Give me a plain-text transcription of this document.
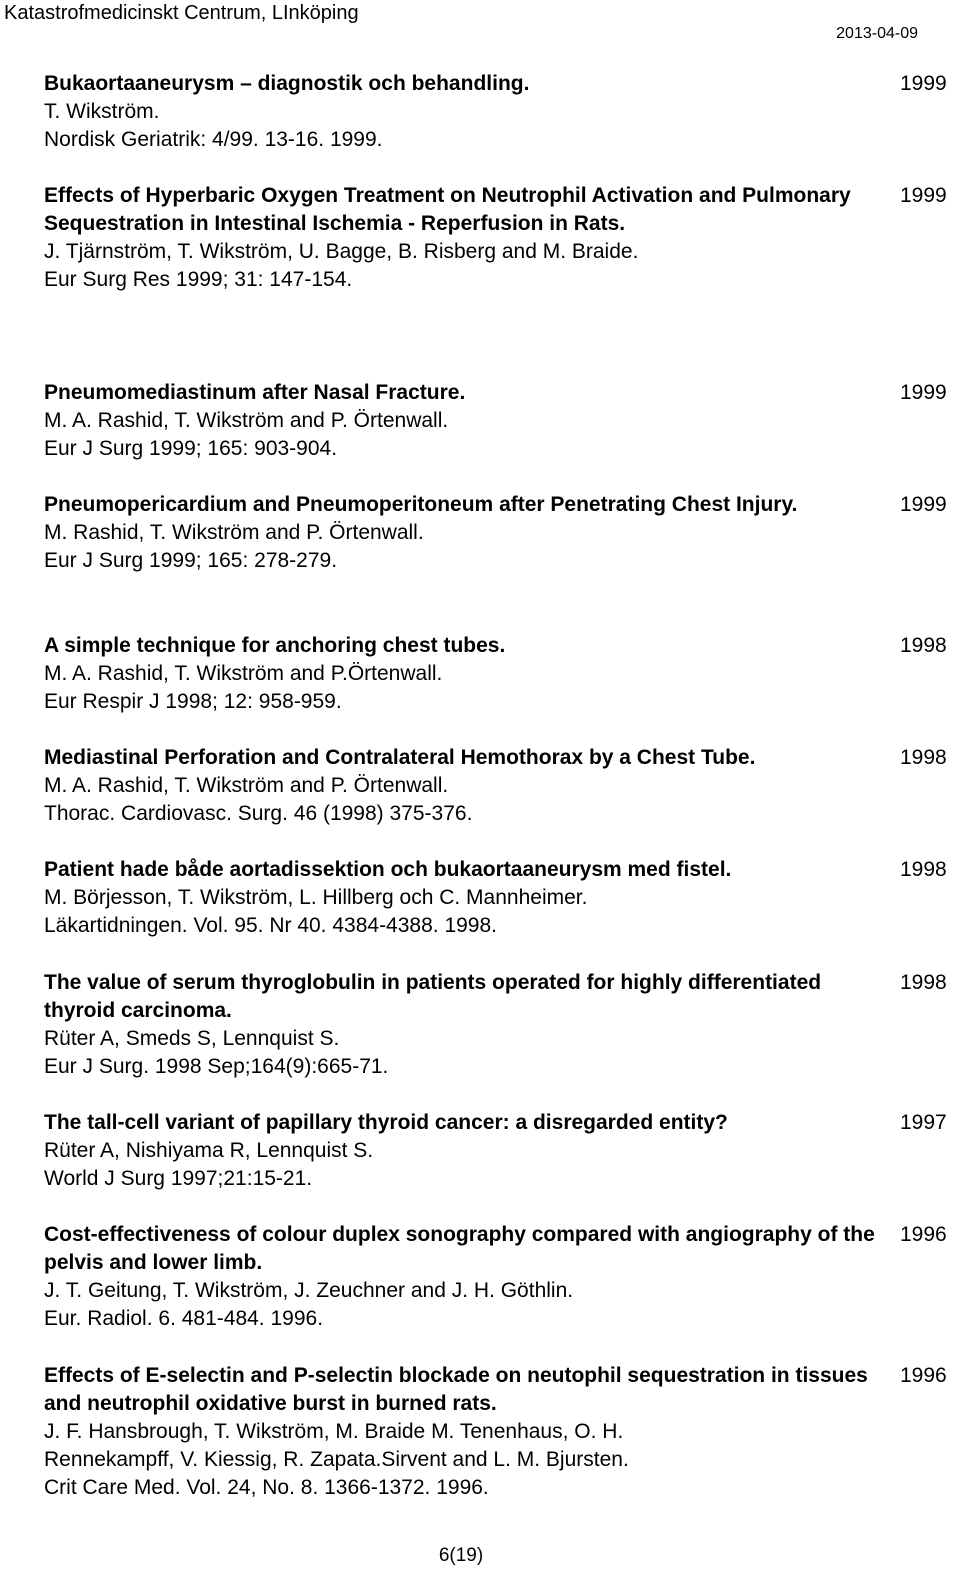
Katastrofmedicinskt Centrum, LInköping
2013-04-09
Bukaortaaneurysm – diagnostik och behandling.
T. Wikström.
Nordisk Geriatrik: 4/99. 13-16. 1999.
1999
Effects of Hyperbaric Oxygen Treatment on Neutrophil Activation and Pulmonary Sequestration in Intestinal Ischemia - Reperfusion in Rats.
J. Tjärnström, T. Wikström, U. Bagge, B. Risberg and M. Braide.
Eur Surg Res 1999; 31: 147-154.
1999
Pneumomediastinum after Nasal Fracture.
M. A. Rashid, T. Wikström and P. Örtenwall.
Eur J Surg 1999; 165: 903-904.
1999
Pneumopericardium and Pneumoperitoneum after Penetrating Chest Injury.
M. Rashid, T. Wikström and P. Örtenwall.
Eur J Surg 1999; 165: 278-279.
1999
A simple technique for anchoring chest tubes.
M. A. Rashid, T. Wikström and P.Örtenwall.
Eur Respir J 1998; 12: 958-959.
1998
Mediastinal Perforation and Contralateral Hemothorax by a Chest Tube.
M. A. Rashid, T. Wikström and P. Örtenwall.
Thorac. Cardiovasc. Surg. 46 (1998) 375-376.
1998
Patient hade både aortadissektion och bukaortaaneurysm med fistel.
M. Börjesson, T. Wikström, L. Hillberg och C. Mannheimer.
Läkartidningen. Vol. 95. Nr 40. 4384-4388. 1998.
1998
The value of serum thyroglobulin in patients operated for highly differentiated thyroid carcinoma.
Rüter A, Smeds S, Lennquist S.
Eur J Surg. 1998 Sep;164(9):665-71.
1998
The tall-cell variant of papillary thyroid cancer: a disregarded entity?
Rüter A, Nishiyama R, Lennquist S.
World J Surg 1997;21:15-21.
1997
Cost-effectiveness of colour duplex sonography compared with angiography of the pelvis and lower limb.
J. T. Geitung, T. Wikström, J. Zeuchner and J. H. Göthlin.
Eur. Radiol. 6. 481-484. 1996.
1996
Effects of E-selectin and P-selectin blockade on neutophil sequestration in tissues and neutrophil oxidative burst in burned rats.
J. F. Hansbrough, T. Wikström, M. Braide M. Tenenhaus, O. H.
Rennekampff, V. Kiessig, R. Zapata.Sirvent and L. M. Bjursten.
Crit Care Med. Vol. 24, No. 8. 1366-1372. 1996.
1996
6(19)
